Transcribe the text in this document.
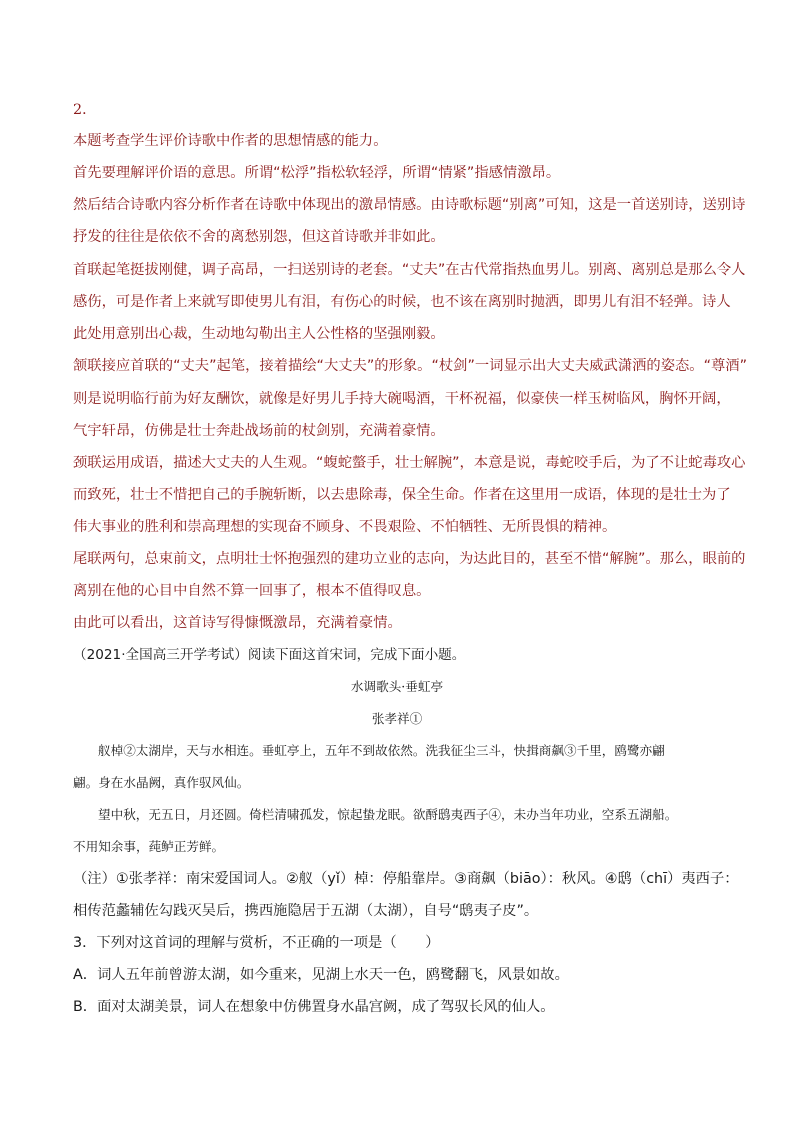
2．
本题考查学生评价诗歌中作者的思想情感的能力。
首先要理解评价语的意思。所谓“松浮”指松软轻浮，所谓“情紧”指感情激昂。
然后结合诗歌内容分析作者在诗歌中体现出的激昂情感。由诗歌标题“别离”可知，这是一首送别诗，送别诗
抒发的往往是依依不舍的离愁别怨，但这首诗歌并非如此。
首联起笔挺拔刚健，调子高昂，一扫送别诗的老套。“丈夫”在古代常指热血男儿。别离、离别总是那么令人
感伤，可是作者上来就写即使男儿有泪，有伤心的时候，也不该在离别时抛洒，即男儿有泪不轻弹。诗人
此处用意别出心裁，生动地勾勒出主人公性格的坚强刚毅。
颔联接应首联的“丈夫”起笔，接着描绘“大丈夫”的形象。“杖剑”一词显示出大丈夫威武潇洒的姿态。“尊酒”
则是说明临行前为好友酬饮，就像是好男儿手持大碗喝酒，干杯祝福，似豪侠一样玉树临风，胸怀开阔，
气宇轩昂，仿佛是壮士奔赴战场前的杖剑别，充满着豪情。
颈联运用成语，描述大丈夫的人生观。“蝮蛇螫手，壮士解腕”，本意是说，毒蛇咬手后，为了不让蛇毒攻心
而致死，壮士不惜把自己的手腕斩断，以去患除毒，保全生命。作者在这里用一成语，体现的是壮士为了
伟大事业的胜利和崇高理想的实现奋不顾身、不畏艰险、不怕牺牲、无所畏惧的精神。
尾联两句，总束前文，点明壮士怀抱强烈的建功立业的志向，为达此目的，甚至不惜“解腕”。那么，眼前的
离别在他的心目中自然不算一回事了，根本不值得叹息。
由此可以看出，这首诗写得慷慨激昂，充满着豪情。
（2021·全国高三开学考试）阅读下面这首宋词，完成下面小题。
水调歌头·垂虹亭
张孝祥①
舣棹②太湖岸，天与水相连。垂虹亭上，五年不到故依然。洗我征尘三斗，快揖商飙③千里，鸥鹭亦翩
翩。身在水晶阙，真作驭风仙。
望中秋，无五日，月还圆。倚栏清啸孤发，惊起蛰龙眠。欲酹鸱夷西子④，未办当年功业，空系五湖船。
不用知余事，莼鲈正芳鲜。
（注）①张孝祥：南宋爱国词人。②舣（yǐ）棹：停船靠岸。③商飙（biāo）：秋风。④鸱（chī）夷西子：
相传范蠡辅佐勾践灭吴后，携西施隐居于五湖（太湖），自号“鸱夷子皮”。
3．下列对这首词的理解与赏析，不正确的一项是（　　）
A．词人五年前曾游太湖，如今重来，见湖上水天一色，鸥鹭翻飞，风景如故。
B．面对太湖美景，词人在想象中仿佛置身水晶宫阙，成了驾驭长风的仙人。
